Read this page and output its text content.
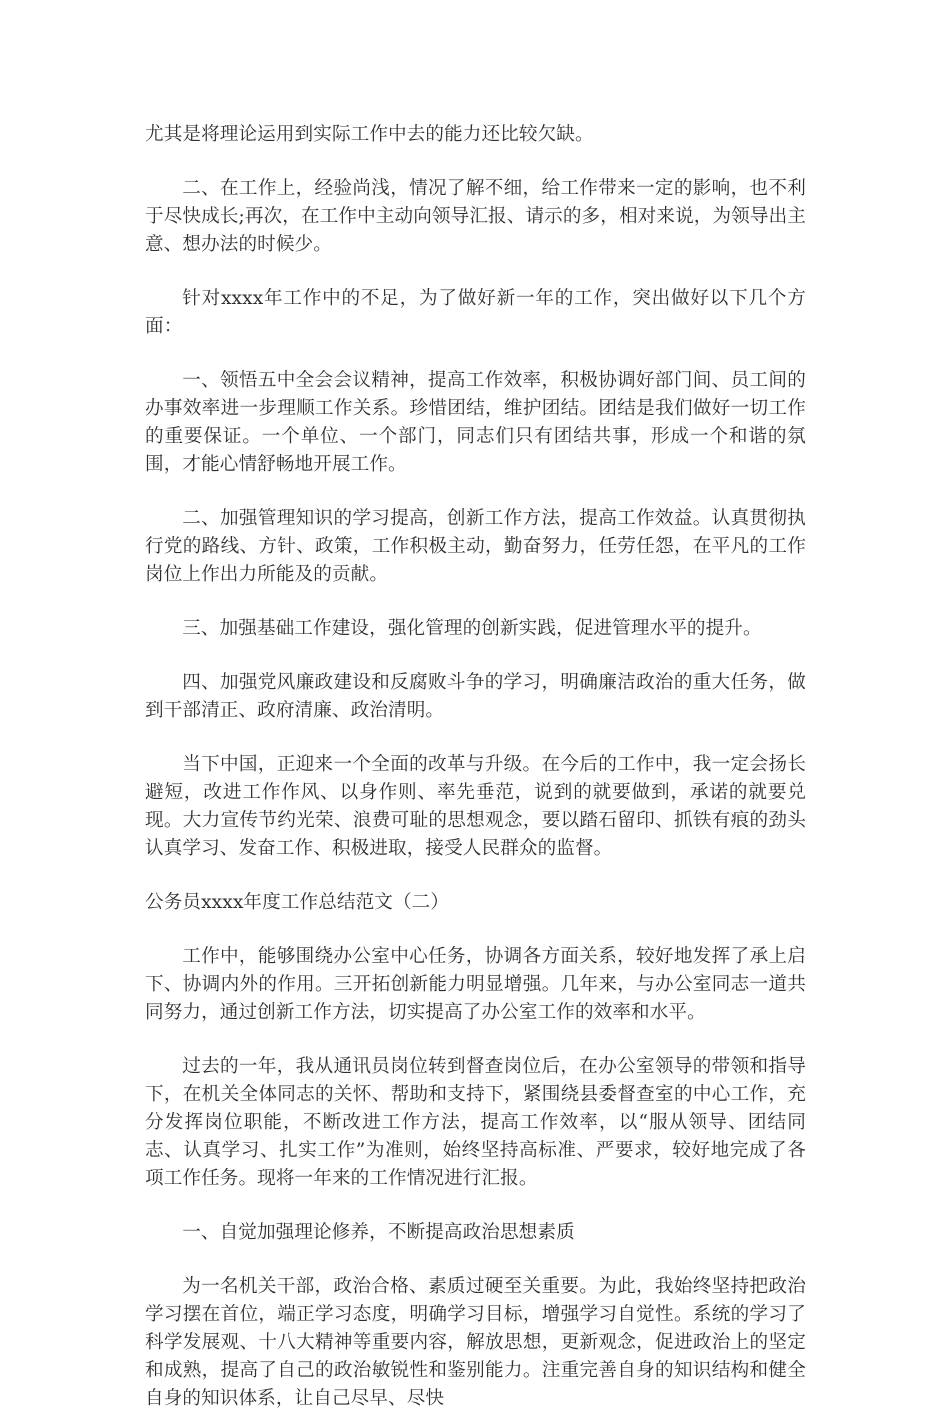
尤其是将理论运用到实际工作中去的能力还比较欠缺。

二、在工作上，经验尚浅，情况了解不细，给工作带来一定的影响，也不利于尽快成长;再次，在工作中主动向领导汇报、请示的多，相对来说，为领导出主意、想办法的时候少。

针对xxxx年工作中的不足，为了做好新一年的工作，突出做好以下几个方面：

一、领悟五中全会会议精神，提高工作效率，积极协调好部门间、员工间的办事效率进一步理顺工作关系。珍惜团结，维护团结。团结是我们做好一切工作的重要保证。一个单位、一个部门，同志们只有团结共事，形成一个和谐的氛围，才能心情舒畅地开展工作。

二、加强管理知识的学习提高，创新工作方法，提高工作效益。认真贯彻执行党的路线、方针、政策，工作积极主动，勤奋努力，任劳任怨，在平凡的工作岗位上作出力所能及的贡献。

三、加强基础工作建设，强化管理的创新实践，促进管理水平的提升。

四、加强党风廉政建设和反腐败斗争的学习，明确廉洁政治的重大任务，做到干部清正、政府清廉、政治清明。

当下中国，正迎来一个全面的改革与升级。在今后的工作中，我一定会扬长避短，改进工作作风、以身作则、率先垂范，说到的就要做到，承诺的就要兑现。大力宣传节约光荣、浪费可耻的思想观念，要以踏石留印、抓铁有痕的劲头认真学习、发奋工作、积极进取，接受人民群众的监督。

公务员xxxx年度工作总结范文（二）

工作中，能够围绕办公室中心任务，协调各方面关系，较好地发挥了承上启下、协调内外的作用。三开拓创新能力明显增强。几年来，与办公室同志一道共同努力，通过创新工作方法，切实提高了办公室工作的效率和水平。

过去的一年，我从通讯员岗位转到督查岗位后，在办公室领导的带领和指导下，在机关全体同志的关怀、帮助和支持下，紧围绕县委督查室的中心工作，充分发挥岗位职能，不断改进工作方法，提高工作效率，以“服从领导、团结同志、认真学习、扎实工作”为准则，始终坚持高标准、严要求，较好地完成了各项工作任务。现将一年来的工作情况进行汇报。

一、自觉加强理论修养，不断提高政治思想素质

为一名机关干部，政治合格、素质过硬至关重要。为此，我始终坚持把政治学习摆在首位，端正学习态度，明确学习目标，增强学习自觉性。系统的学习了科学发展观、十八大精神等重要内容，解放思想，更新观念，促进政治上的坚定和成熟，提高了自己的政治敏锐性和鉴别能力。注重完善自身的知识结构和健全自身的知识体系，让自己尽早、尽快
